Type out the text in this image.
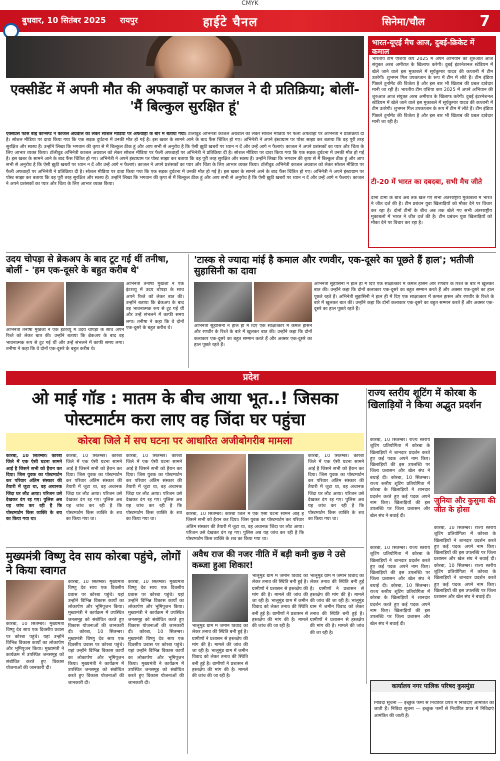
CMYK
बुधवार, 10 सितंबर 2025 रायपुर	हाईटे चैनल	सिनेमा/चौल	7
एक्सीडेंट में अपनी मौत की अफवाहों पर काजल ने दी प्रतिक्रिया; बोलीं- 'मैं बिल्कुल सुरक्षित हूं'
एक्सप्रेस फोर्स बाई कॉन्सेप्ट ने काजल अग्रवाल को लेकर सोशल मीडिया पर अफवाहों के बारे में बताया गया। टॉलीवुड अभिनेत्री काजल अग्रवाल को लेकर सोशल मीडिया पर फैली अफवाहों पर अभिनेत्री ने प्रतिक्रिया दी है। सोशल मीडिया पर दावा किया गया कि एक सड़क दुर्घटना में उनकी मौत हो गई है। इस खबर के सामने आने के बाद फैंस चिंतित हो गए। अभिनेत्री ने अपने इंस्टाग्राम पर पोस्ट साझा कर बताया कि वह पूरी तरह सुरक्षित और स्वस्थ हैं। उन्होंने लिखा कि भगवान की कृपा से मैं बिल्कुल ठीक हूं और आप सभी से अनुरोध है कि ऐसी झूठी खबरों पर ध्यान न दें और उन्हें आगे न फैलाएं। काजल ने अपने प्रशंसकों का प्यार और चिंता के लिए आभार व्यक्त किया। टॉलीवुड अभिनेत्री काजल अग्रवाल को लेकर सोशल मीडिया पर फैली अफवाहों पर अभिनेत्री ने प्रतिक्रिया दी है। सोशल मीडिया पर दावा किया गया कि एक सड़क दुर्घटना में उनकी मौत हो गई है। इस खबर के सामने आने के बाद फैंस चिंतित हो गए। अभिनेत्री ने अपने इंस्टाग्राम पर पोस्ट साझा कर बताया कि वह पूरी तरह सुरक्षित और स्वस्थ हैं। उन्होंने लिखा कि भगवान की कृपा से मैं बिल्कुल ठीक हूं और आप सभी से अनुरोध है कि ऐसी झूठी खबरों पर ध्यान न दें और उन्हें आगे न फैलाएं। काजल ने अपने प्रशंसकों का प्यार और चिंता के लिए आभार व्यक्त किया। टॉलीवुड अभिनेत्री काजल अग्रवाल को लेकर सोशल मीडिया पर फैली अफवाहों पर अभिनेत्री ने प्रतिक्रिया दी है। सोशल मीडिया पर दावा किया गया कि एक सड़क दुर्घटना में उनकी मौत हो गई है। इस खबर के सामने आने के बाद फैंस चिंतित हो गए। अभिनेत्री ने अपने इंस्टाग्राम पर पोस्ट साझा कर बताया कि वह पूरी तरह सुरक्षित और स्वस्थ हैं। उन्होंने लिखा कि भगवान की कृपा से मैं बिल्कुल ठीक हूं और आप सभी से अनुरोध है कि ऐसी झूठी खबरों पर ध्यान न दें और उन्हें आगे न फैलाएं। काजल ने अपने प्रशंसकों का प्यार और चिंता के लिए आभार व्यक्त किया।
भारत-यूएई मैच आज, दुबई-क्रिकेट में कमाल
भारतीय टीम एशिया कप 2025 में अपने अभियान की शुरुआत आज संयुक्त अरब अमीरात के खिलाफ करेगी। दुबई इंटरनेशनल स्टेडियम में खेले जाने वाले इस मुकाबले में सूर्यकुमार यादव की कप्तानी में टीम उतरेगी। शुभमन गिल उपकप्तान के रूप में टीम में लौटे हैं। टीम इंडिया पिछले टूर्नामेंट की विजेता है और इस बार भी खिताब की प्रबल दावेदार मानी जा रही है। भारतीय टीम एशिया कप 2025 में अपने अभियान की शुरुआत आज संयुक्त अरब अमीरात के खिलाफ करेगी। दुबई इंटरनेशनल स्टेडियम में खेले जाने वाले इस मुकाबले में सूर्यकुमार यादव की कप्तानी में टीम उतरेगी। शुभमन गिल उपकप्तान के रूप में टीम में लौटे हैं। टीम इंडिया पिछले टूर्नामेंट की विजेता है और इस बार भी खिताब की प्रबल दावेदार मानी जा रही है।
टी-20 में भारत का दबदबा, सभी मैच जीते
दोनों टीमों के बीच अब तक खेले गए सभी अंतरराष्ट्रीय मुकाबलों में भारत ने जीत दर्ज की है। टीम प्रबंधन युवा खिलाड़ियों को मौका देने पर विचार कर रहा है। दोनों टीमों के बीच अब तक खेले गए सभी अंतरराष्ट्रीय मुकाबलों में भारत ने जीत दर्ज की है। टीम प्रबंधन युवा खिलाड़ियों को मौका देने पर विचार कर रहा है।
उदय चोपड़ा से ब्रेकअप के बाद टूट गई थीं तनीषा, बोलीं - 'हम एक-दूसरे के बहुत करीब थे'
अभिनेत्री तनीषा मुखर्जी ने एक इंटरव्यू में उदय चोपड़ा के साथ अपने रिश्ते को लेकर बात की। उन्होंने बताया कि ब्रेकअप के बाद वह भावनात्मक रूप से टूट गई थीं और उन्हें संभलने में काफी समय लगा। तनीषा ने कहा कि वे दोनों एक-दूसरे के बहुत करीब थे।
अभिनेत्री तनीषा मुखर्जी ने एक इंटरव्यू में उदय चोपड़ा के साथ अपने रिश्ते को लेकर बात की। उन्होंने बताया कि ब्रेकअप के बाद वह भावनात्मक रूप से टूट गई थीं और उन्हें संभलने में काफी समय लगा। तनीषा ने कहा कि वे दोनों एक-दूसरे के बहुत करीब थे।
'टास्क से ज्यादा मांई है कमाल और रणवीर, एक-दूसरे का पूछते हैं हाल'; भतीजी सुहासिनी का दावा
अभिनेत्री सुहासिनी ने हाल ही में दिए एक साक्षात्कार में कमल हासन और रणवीर के रिश्ते के बारे में खुलकर बात की। उन्होंने कहा कि दोनों कलाकार एक-दूसरे का बहुत सम्मान करते हैं और अक्सर एक-दूसरे का हाल पूछते रहते हैं। अभिनेत्री सुहासिनी ने हाल ही में दिए एक साक्षात्कार में कमल हासन और रणवीर के रिश्ते के बारे में खुलकर बात की। उन्होंने कहा कि दोनों कलाकार एक-दूसरे का बहुत सम्मान करते हैं और अक्सर एक-दूसरे का हाल पूछते रहते हैं।
अभिनेत्री सुहासिनी ने हाल ही में दिए एक साक्षात्कार में कमल हासन और रणवीर के रिश्ते के बारे में खुलकर बात की। उन्होंने कहा कि दोनों कलाकार एक-दूसरे का बहुत सम्मान करते हैं और अक्सर एक-दूसरे का हाल पूछते रहते हैं।
प्रदेश
ओ माई गॉड : मातम के बीच आया भूत..! जिसका पोस्टमार्टम करा लाए वह जिंदा घर पहुंचा
कोरबा जिले में सच घटना पर आधारित अजीबोगरीब मामला
राज्य स्तरीय शूटिंग में कोरबा के खिलाड़ियों ने किया अद्भुत प्रदर्शन
कोरबा, 10 सितम्बर। कोरबा जिले में एक ऐसी घटना सामने आई है जिसने सभी को हैरान कर दिया। जिस युवक का पोस्टमार्टम कर परिवार अंतिम संस्कार की तैयारी में जुटा था, वह अचानक जिंदा घर लौट आया। परिजन उसे देखकर दंग रह गए। पुलिस अब यह जांच कर रही है कि पोस्टमार्टम किस व्यक्ति के शव का किया गया था।
कोरबा, 10 सितम्बर। कोरबा जिले में एक ऐसी घटना सामने आई है जिसने सभी को हैरान कर दिया। जिस युवक का पोस्टमार्टम कर परिवार अंतिम संस्कार की तैयारी में जुटा था, वह अचानक जिंदा घर लौट आया। परिजन उसे देखकर दंग रह गए। पुलिस अब यह जांच कर रही है कि पोस्टमार्टम किस व्यक्ति के शव का किया गया था।
कोरबा, 10 सितम्बर। कोरबा जिले में एक ऐसी घटना सामने आई है जिसने सभी को हैरान कर दिया। जिस युवक का पोस्टमार्टम कर परिवार अंतिम संस्कार की तैयारी में जुटा था, वह अचानक जिंदा घर लौट आया। परिजन उसे देखकर दंग रह गए। पुलिस अब यह जांच कर रही है कि पोस्टमार्टम किस व्यक्ति के शव का किया गया था।
कोरबा, 10 सितम्बर। कोरबा जिले में एक ऐसी घटना सामने आई है जिसने सभी को हैरान कर दिया। जिस युवक का पोस्टमार्टम कर परिवार अंतिम संस्कार की तैयारी में जुटा था, वह अचानक जिंदा घर लौट आया। परिजन उसे देखकर दंग रह गए। पुलिस अब यह जांच कर रही है कि पोस्टमार्टम किस व्यक्ति के शव का किया गया था।
कोरबा, 10 सितम्बर। कोरबा जिले में एक ऐसी घटना सामने आई है जिसने सभी को हैरान कर दिया। जिस युवक का पोस्टमार्टम कर परिवार अंतिम संस्कार की तैयारी में जुटा था, वह अचानक जिंदा घर लौट आया। परिजन उसे देखकर दंग रह गए। पुलिस अब यह जांच कर रही है कि पोस्टमार्टम किस व्यक्ति के शव का किया गया था।
कोरबा, 10 सितम्बर। राज्य स्तरीय शूटिंग प्रतियोगिता में कोरबा के खिलाड़ियों ने शानदार प्रदर्शन करते हुए कई पदक अपने नाम किए। खिलाड़ियों की इस उपलब्धि पर जिला प्रशासन और खेल संघ ने बधाई दी। कोरबा, 10 सितम्बर। राज्य स्तरीय शूटिंग प्रतियोगिता में कोरबा के खिलाड़ियों ने शानदार प्रदर्शन करते हुए कई पदक अपने नाम किए। खिलाड़ियों की इस उपलब्धि पर जिला प्रशासन और खेल संघ ने बधाई दी।
जुनिया और कुसुमा की जीत के होसा
कोरबा, 10 सितम्बर। राज्य स्तरीय शूटिंग प्रतियोगिता में कोरबा के खिलाड़ियों ने शानदार प्रदर्शन करते हुए कई पदक अपने नाम किए। खिलाड़ियों की इस उपलब्धि पर जिला प्रशासन और खेल संघ ने बधाई दी। कोरबा, 10 सितम्बर। राज्य स्तरीय शूटिंग प्रतियोगिता में कोरबा के खिलाड़ियों ने शानदार प्रदर्शन करते हुए कई पदक अपने नाम किए। खिलाड़ियों की इस उपलब्धि पर जिला प्रशासन और खेल संघ ने बधाई दी।
कोरबा, 10 सितम्बर। राज्य स्तरीय शूटिंग प्रतियोगिता में कोरबा के खिलाड़ियों ने शानदार प्रदर्शन करते हुए कई पदक अपने नाम किए। खिलाड़ियों की इस उपलब्धि पर जिला प्रशासन और खेल संघ ने बधाई दी। कोरबा, 10 सितम्बर। राज्य स्तरीय शूटिंग प्रतियोगिता में कोरबा के खिलाड़ियों ने शानदार प्रदर्शन करते हुए कई पदक अपने नाम किए। खिलाड़ियों की इस उपलब्धि पर जिला प्रशासन और खेल संघ ने बधाई दी।
मुख्यमंत्री विष्णु देव साय कोरबा पहुंचे, लोगों ने किया स्वागत
कोरबा, 10 सितम्बर। मुख्यमंत्री विष्णु देव साय एक दिवसीय प्रवास पर कोरबा पहुंचे। यहां उन्होंने विभिन्न विकास कार्यों का लोकार्पण और भूमिपूजन किया। मुख्यमंत्री ने कार्यक्रम में उपस्थित जनसमूह को संबोधित करते हुए विकास योजनाओं की जानकारी दी।
कोरबा, 10 सितम्बर। मुख्यमंत्री विष्णु देव साय एक दिवसीय प्रवास पर कोरबा पहुंचे। यहां उन्होंने विभिन्न विकास कार्यों का लोकार्पण और भूमिपूजन किया। मुख्यमंत्री ने कार्यक्रम में उपस्थित जनसमूह को संबोधित करते हुए विकास योजनाओं की जानकारी दी। कोरबा, 10 सितम्बर। मुख्यमंत्री विष्णु देव साय एक दिवसीय प्रवास पर कोरबा पहुंचे। यहां उन्होंने विभिन्न विकास कार्यों का लोकार्पण और भूमिपूजन किया। मुख्यमंत्री ने कार्यक्रम में उपस्थित जनसमूह को संबोधित करते हुए विकास योजनाओं की जानकारी दी।
कोरबा, 10 सितम्बर। मुख्यमंत्री विष्णु देव साय एक दिवसीय प्रवास पर कोरबा पहुंचे। यहां उन्होंने विभिन्न विकास कार्यों का लोकार्पण और भूमिपूजन किया। मुख्यमंत्री ने कार्यक्रम में उपस्थित जनसमूह को संबोधित करते हुए विकास योजनाओं की जानकारी दी। कोरबा, 10 सितम्बर। मुख्यमंत्री विष्णु देव साय एक दिवसीय प्रवास पर कोरबा पहुंचे। यहां उन्होंने विभिन्न विकास कार्यों का लोकार्पण और भूमिपूजन किया। मुख्यमंत्री ने कार्यक्रम में उपस्थित जनसमूह को संबोधित करते हुए विकास योजनाओं की जानकारी दी।
अवैध राज की नजर नीति में बड़ी कमी कुछ ने उसे कब्जा हुआ शिकार!
भालूमुंड ग्राम में जमीन विवाद को लेकर तनाव की स्थिति बनी हुई है। ग्रामीणों ने प्रशासन से हस्तक्षेप की मांग की है। मामले की जांच की जा रही है। भालूमुंड ग्राम में जमीन विवाद को लेकर तनाव की स्थिति बनी हुई है। ग्रामीणों ने प्रशासन से हस्तक्षेप की मांग की है। मामले की जांच की जा रही है।
भालूमुंड ग्राम में जमीन विवाद को लेकर तनाव की स्थिति बनी हुई है। ग्रामीणों ने प्रशासन से हस्तक्षेप की मांग की है। मामले की जांच की जा रही है। भालूमुंड ग्राम में जमीन विवाद को लेकर तनाव की स्थिति बनी हुई है। ग्रामीणों ने प्रशासन से हस्तक्षेप की मांग की है। मामले की जांच की जा रही है।
भालूमुंड ग्राम में जमीन विवाद को लेकर तनाव की स्थिति बनी हुई है। ग्रामीणों ने प्रशासन से हस्तक्षेप की मांग की है। मामले की जांच की जा रही है। भालूमुंड ग्राम में जमीन विवाद को लेकर तनाव की स्थिति बनी हुई है। ग्रामीणों ने प्रशासन से हस्तक्षेप की मांग की है। मामले की जांच की जा रही है।
कार्यालय नगर पालिक परिषद कुसमुंडा
निविदा सूचना — इच्छुक फर्मों से निर्धारित प्रपत्र में निविदाएं आमंत्रित की जाती हैं। निविदा सूचना — इच्छुक फर्मों से निर्धारित प्रपत्र में निविदाएं आमंत्रित की जाती हैं।
